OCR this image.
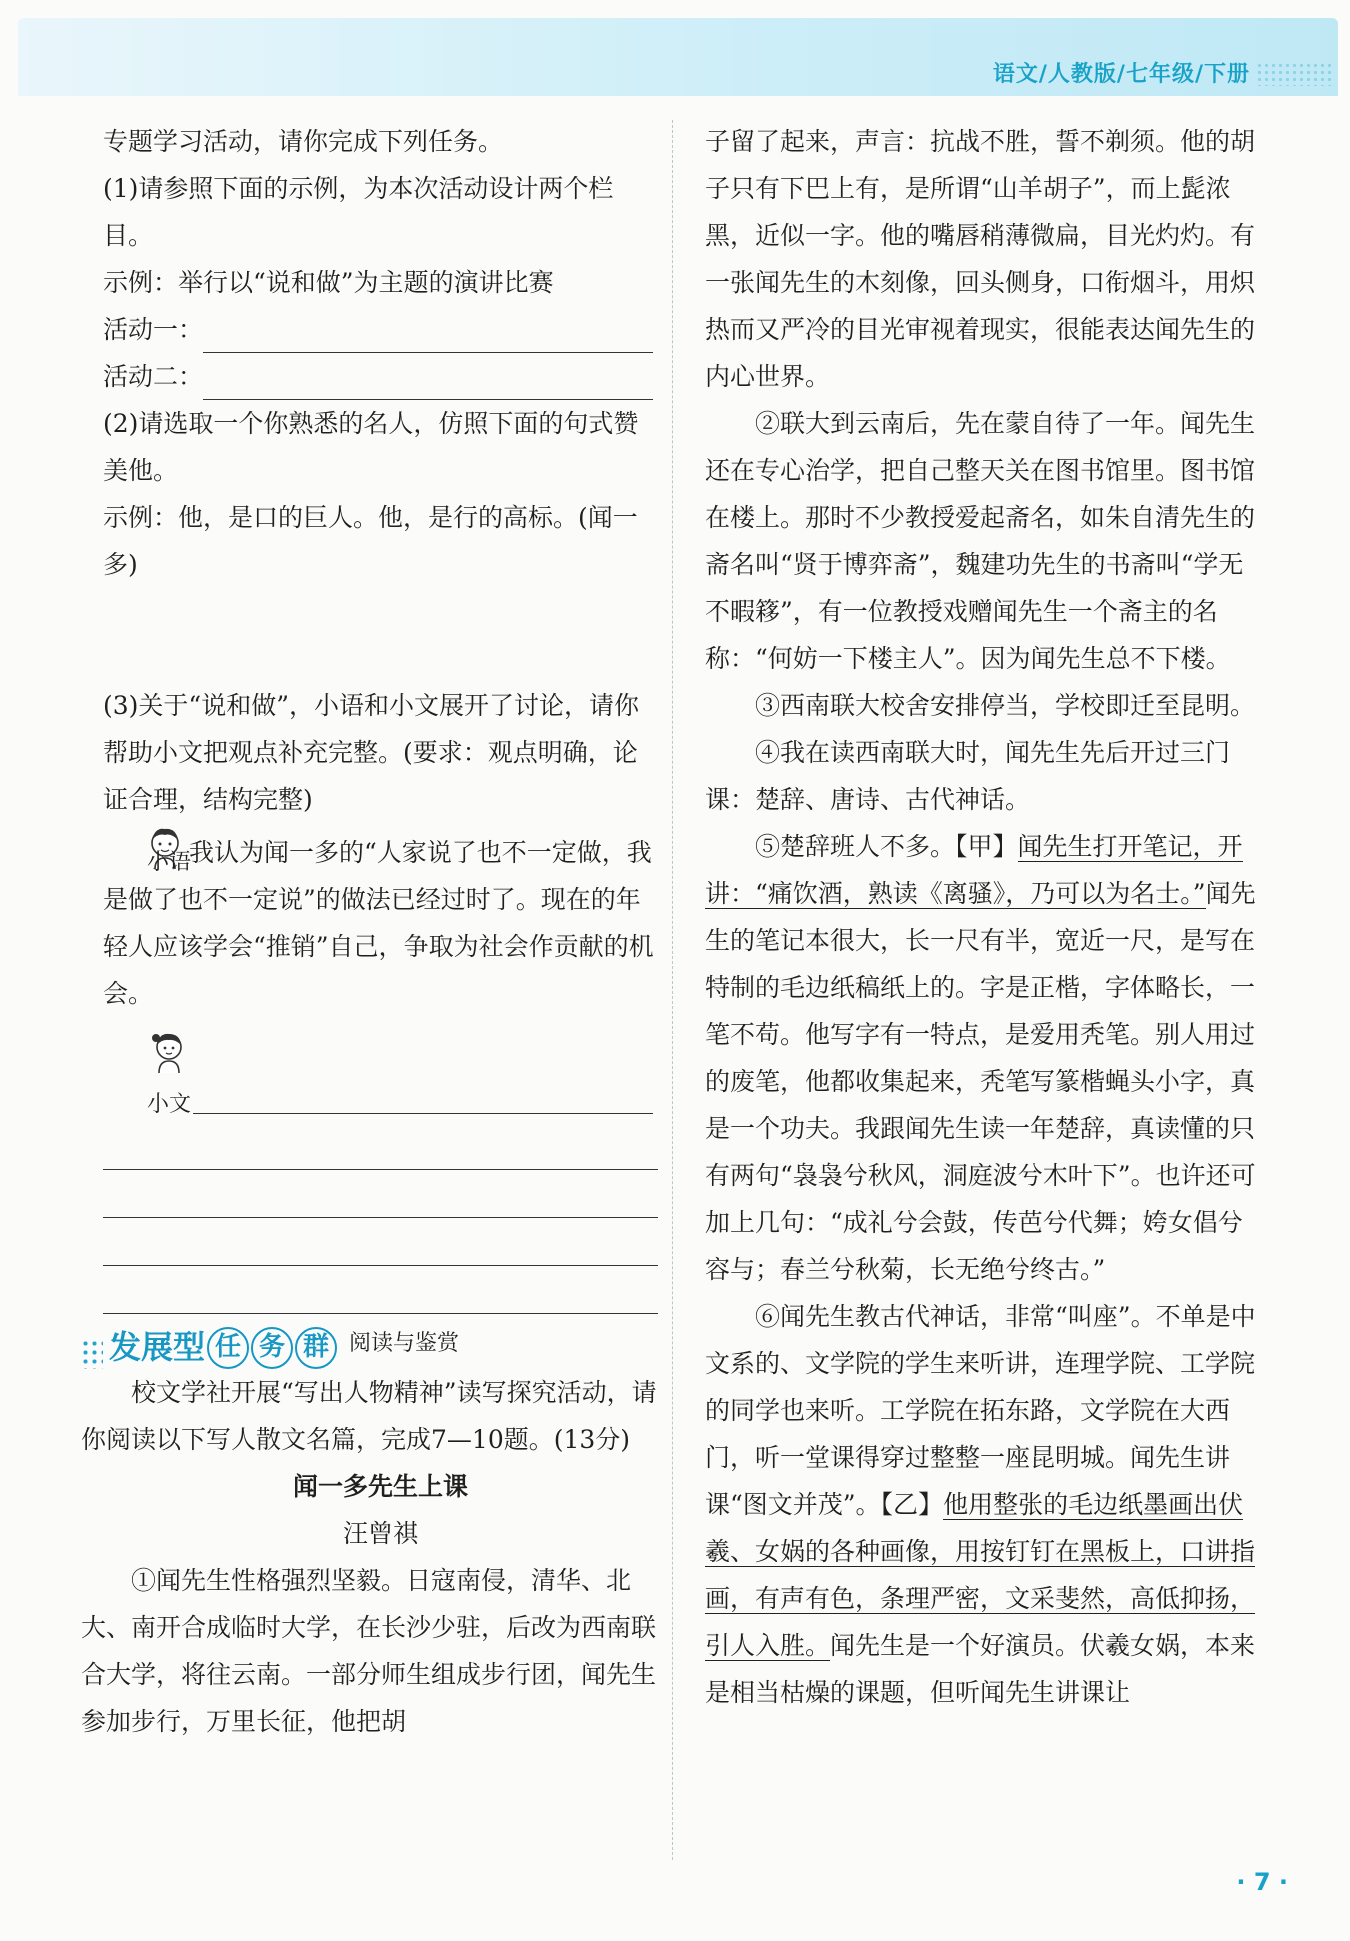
语文/人教版/七年级/下册

专题学习活动，请你完成下列任务。

(1)请参照下面的示例，为本次活动设计两个栏目。

示例：举行以“说和做”为主题的演讲比赛

活动一：
活动二：

(2)请选取一个你熟悉的名人，仿照下面的句式赞美他。

示例：他，是口的巨人。他，是行的高标。(闻一多)

(3)关于“说和做”，小语和小文展开了讨论，请你帮助小文把观点补充完整。(要求：观点明确，论证合理，结构完整)

小语

我认为闻一多的“人家说了也不一定做，我是做了也不一定说”的做法已经过时了。现在的年轻人应该学会“推销”自己，争取为社会作贡献的机会。

小文
发展型 任 务 群 阅读与鉴赏

校文学社开展“写出人物精神”读写探究活动，请你阅读以下写人散文名篇，完成7—10题。(13分)

闻一多先生上课

汪曾祺

①闻先生性格强烈坚毅。日寇南侵，清华、北大、南开合成临时大学，在长沙少驻，后改为西南联合大学，将往云南。一部分师生组成步行团，闻先生参加步行，万里长征，他把胡

子留了起来，声言：抗战不胜，誓不剃须。他的胡子只有下巴上有，是所谓“山羊胡子”，而上髭浓黑，近似一字。他的嘴唇稍薄微扁，目光灼灼。有一张闻先生的木刻像，回头侧身，口衔烟斗，用炽热而又严冷的目光审视着现实，很能表达闻先生的内心世界。

②联大到云南后，先在蒙自待了一年。闻先生还在专心治学，把自己整天关在图书馆里。图书馆在楼上。那时不少教授爱起斋名，如朱自清先生的斋名叫“贤于博弈斋”，魏建功先生的书斋叫“学无不暇簃”，有一位教授戏赠闻先生一个斋主的名称：“何妨一下楼主人”。因为闻先生总不下楼。

③西南联大校舍安排停当，学校即迁至昆明。

④我在读西南联大时，闻先生先后开过三门课：楚辞、唐诗、古代神话。

⑤楚辞班人不多。【甲】闻先生打开笔记，开讲：“痛饮酒，熟读《离骚》，乃可以为名士。”闻先生的笔记本很大，长一尺有半，宽近一尺，是写在特制的毛边纸稿纸上的。字是正楷，字体略长，一笔不苟。他写字有一特点，是爱用秃笔。别人用过的废笔，他都收集起来，秃笔写篆楷蝇头小字，真是一个功夫。我跟闻先生读一年楚辞，真读懂的只有两句“袅袅兮秋风，洞庭波兮木叶下”。也许还可加上几句：“成礼兮会鼓，传芭兮代舞；姱女倡兮容与；春兰兮秋菊，长无绝兮终古。”

⑥闻先生教古代神话，非常“叫座”。不单是中文系的、文学院的学生来听讲，连理学院、工学院的同学也来听。工学院在拓东路，文学院在大西门，听一堂课得穿过整整一座昆明城。闻先生讲课“图文并茂”。【乙】他用整张的毛边纸墨画出伏羲、女娲的各种画像，用按钉钉在黑板上，口讲指画，有声有色，条理严密，文采斐然，高低抑扬，引人入胜。闻先生是一个好演员。伏羲女娲，本来是相当枯燥的课题，但听闻先生讲课让

· 7 ·
